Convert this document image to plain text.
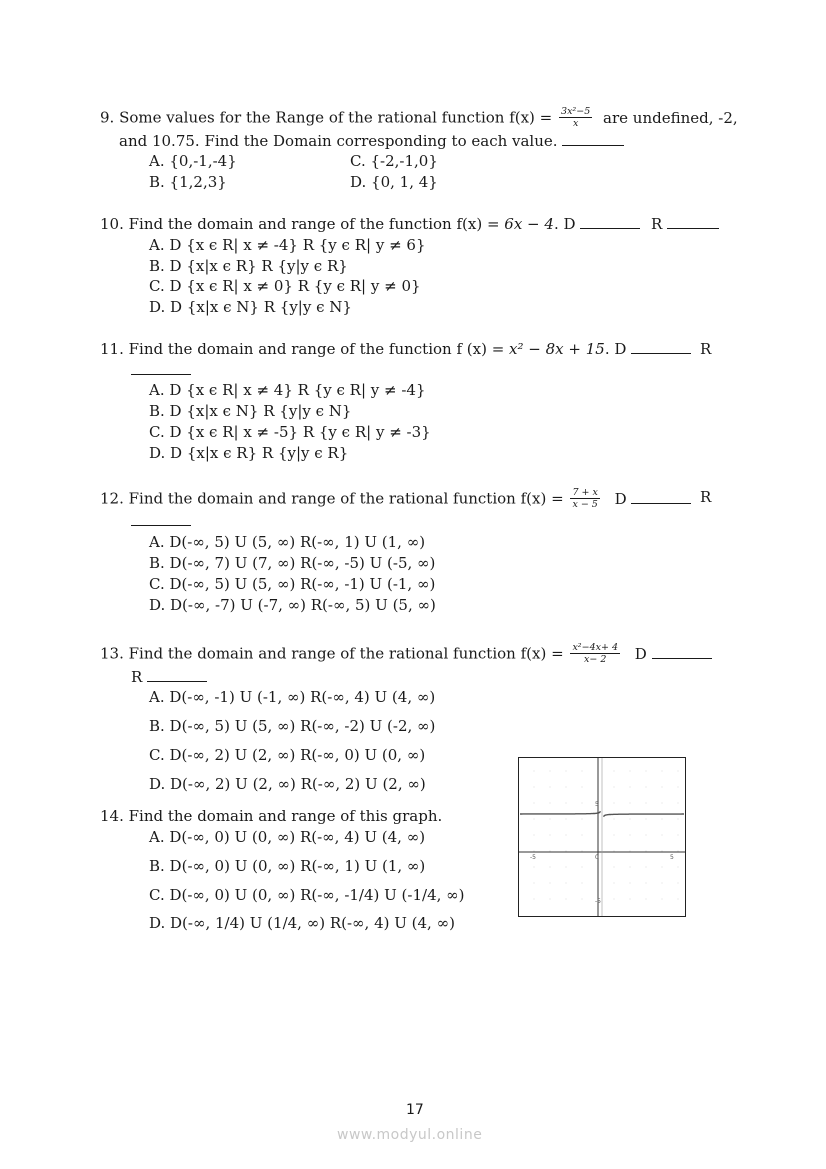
9. Some values for the Range of the rational function $f(x) = \frac{\text{3x²−5}}{x}$ are undefined, -2,
and 10.75. Find the Domain corresponding to each value.
A. {0,-1,-4}	C. {-2,-1,0}
B. {1,2,3}	D. {0, 1, 4}
10. Find the domain and range of the function f(x) = 6x − 4. D	R
A. D {x ϵ R| x ≠ -4} R {y ϵ R| y ≠ 6}
B. D {x|x ϵ R} R {y|y ϵ R}
C. D {x ϵ R| x ≠ 0} R {y ϵ R| y ≠ 0}
D. D {x|x ϵ N} R {y|y ϵ N}
11. Find the domain and range of the function f (x) = x² − 8x + 15. D	R
A. D {x ϵ R| x ≠ 4} R {y ϵ R| y ≠ -4}
B. D {x|x ϵ N} R {y|y ϵ N}
C. D {x ϵ R| x ≠ -5} R {y ϵ R| y ≠ -3}
D. D {x|x ϵ R} R {y|y ϵ R}
12. Find the domain and range of the rational function $f(x) = \frac{7 + x}{x - 5}$ D	R
A. D(-∞, 5) U (5, ∞) R(-∞, 1) U (1, ∞)
B. D(-∞, 7) U (7, ∞) R(-∞, -5) U (-5, ∞)
C. D(-∞, 5) U (5, ∞) R(-∞, -1) U (-1, ∞)
D. D(-∞, -7) U (-7, ∞) R(-∞, 5) U (5, ∞)
13. Find the domain and range of the rational function $f(x) = \frac{\text{x²−4x+ 4}}{x- 2}$ D
R
A. D(-∞, -1) U (-1, ∞) R(-∞, 4) U (4, ∞)
B. D(-∞, 5) U (5, ∞) R(-∞, -2) U (-2, ∞)
C. D(-∞, 2) U (2, ∞) R(-∞, 0) U (0, ∞)
D. D(-∞, 2) U (2, ∞) R(-∞, 2) U (2, ∞)
14. Find the domain and range of this graph.
A. D(-∞, 0) U (0, ∞) R(-∞, 4) U (4, ∞)
B. D(-∞, 0) U (0, ∞) R(-∞, 1) U (1, ∞)
C. D(-∞, 0) U (0, ∞) R(-∞, -1/4) U (-1/4, ∞)
D. D(-∞, 1/4) U (1/4, ∞) R(-∞, 4) U (4, ∞)
-5	0	5
5
-5
17
www.modyul.online
